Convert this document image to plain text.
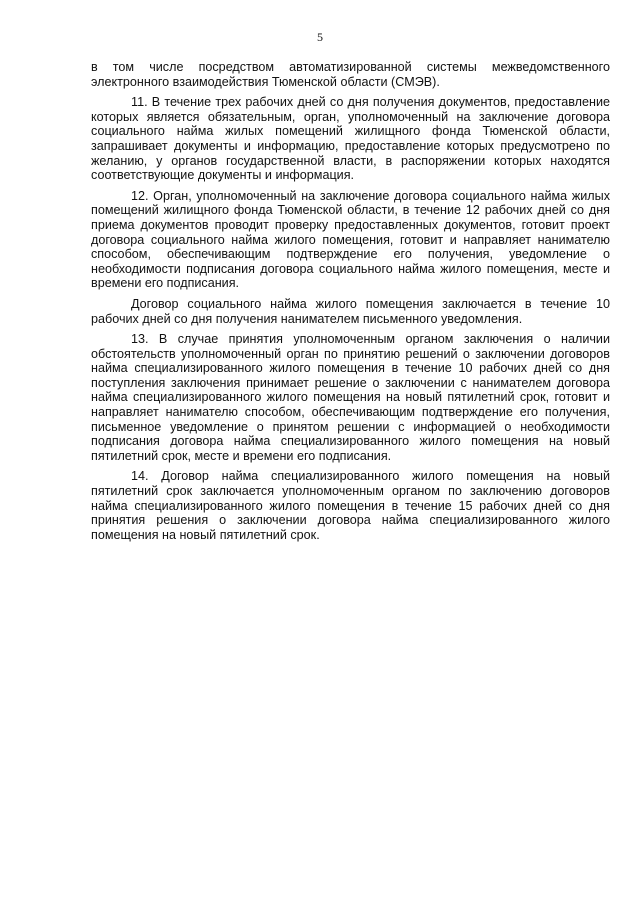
5

в том числе посредством автоматизированной системы межведомственного электронного взаимодействия Тюменской области (СМЭВ).

11. В течение трех рабочих дней со дня получения документов, предоставление которых является обязательным, орган, уполномоченный на заключение договора социального найма жилых помещений жилищного фонда Тюменской области, запрашивает документы и информацию, предоставление которых предусмотрено по желанию, у органов государственной власти, в распоряжении которых находятся соответствующие документы и информация.

12. Орган, уполномоченный на заключение договора социального найма жилых помещений жилищного фонда Тюменской области, в течение 12 рабочих дней со дня приема документов проводит проверку предоставленных документов, готовит проект договора социального найма жилого помещения, готовит и направляет нанимателю способом, обеспечивающим подтверждение его получения, уведомление о необходимости подписания договора социального найма жилого помещения, месте и времени его подписания.

Договор социального найма жилого помещения заключается в течение 10 рабочих дней со дня получения нанимателем письменного уведомления.

13. В случае принятия уполномоченным органом заключения о наличии обстоятельств уполномоченный орган по принятию решений о заключении договоров найма специализированного жилого помещения в течение 10 рабочих дней со дня поступления заключения принимает решение о заключении с нанимателем договора найма специализированного жилого помещения на новый пятилетний срок, готовит и направляет нанимателю способом, обеспечивающим подтверждение его получения, письменное уведомление о принятом решении с информацией о необходимости подписания договора найма специализированного жилого помещения на новый пятилетний срок, месте и времени его подписания.

14. Договор найма специализированного жилого помещения на новый пятилетний срок заключается уполномоченным органом по заключению договоров найма специализированного жилого помещения в течение 15 рабочих дней со дня принятия решения о заключении договора найма специализированного жилого помещения на новый пятилетний срок.
